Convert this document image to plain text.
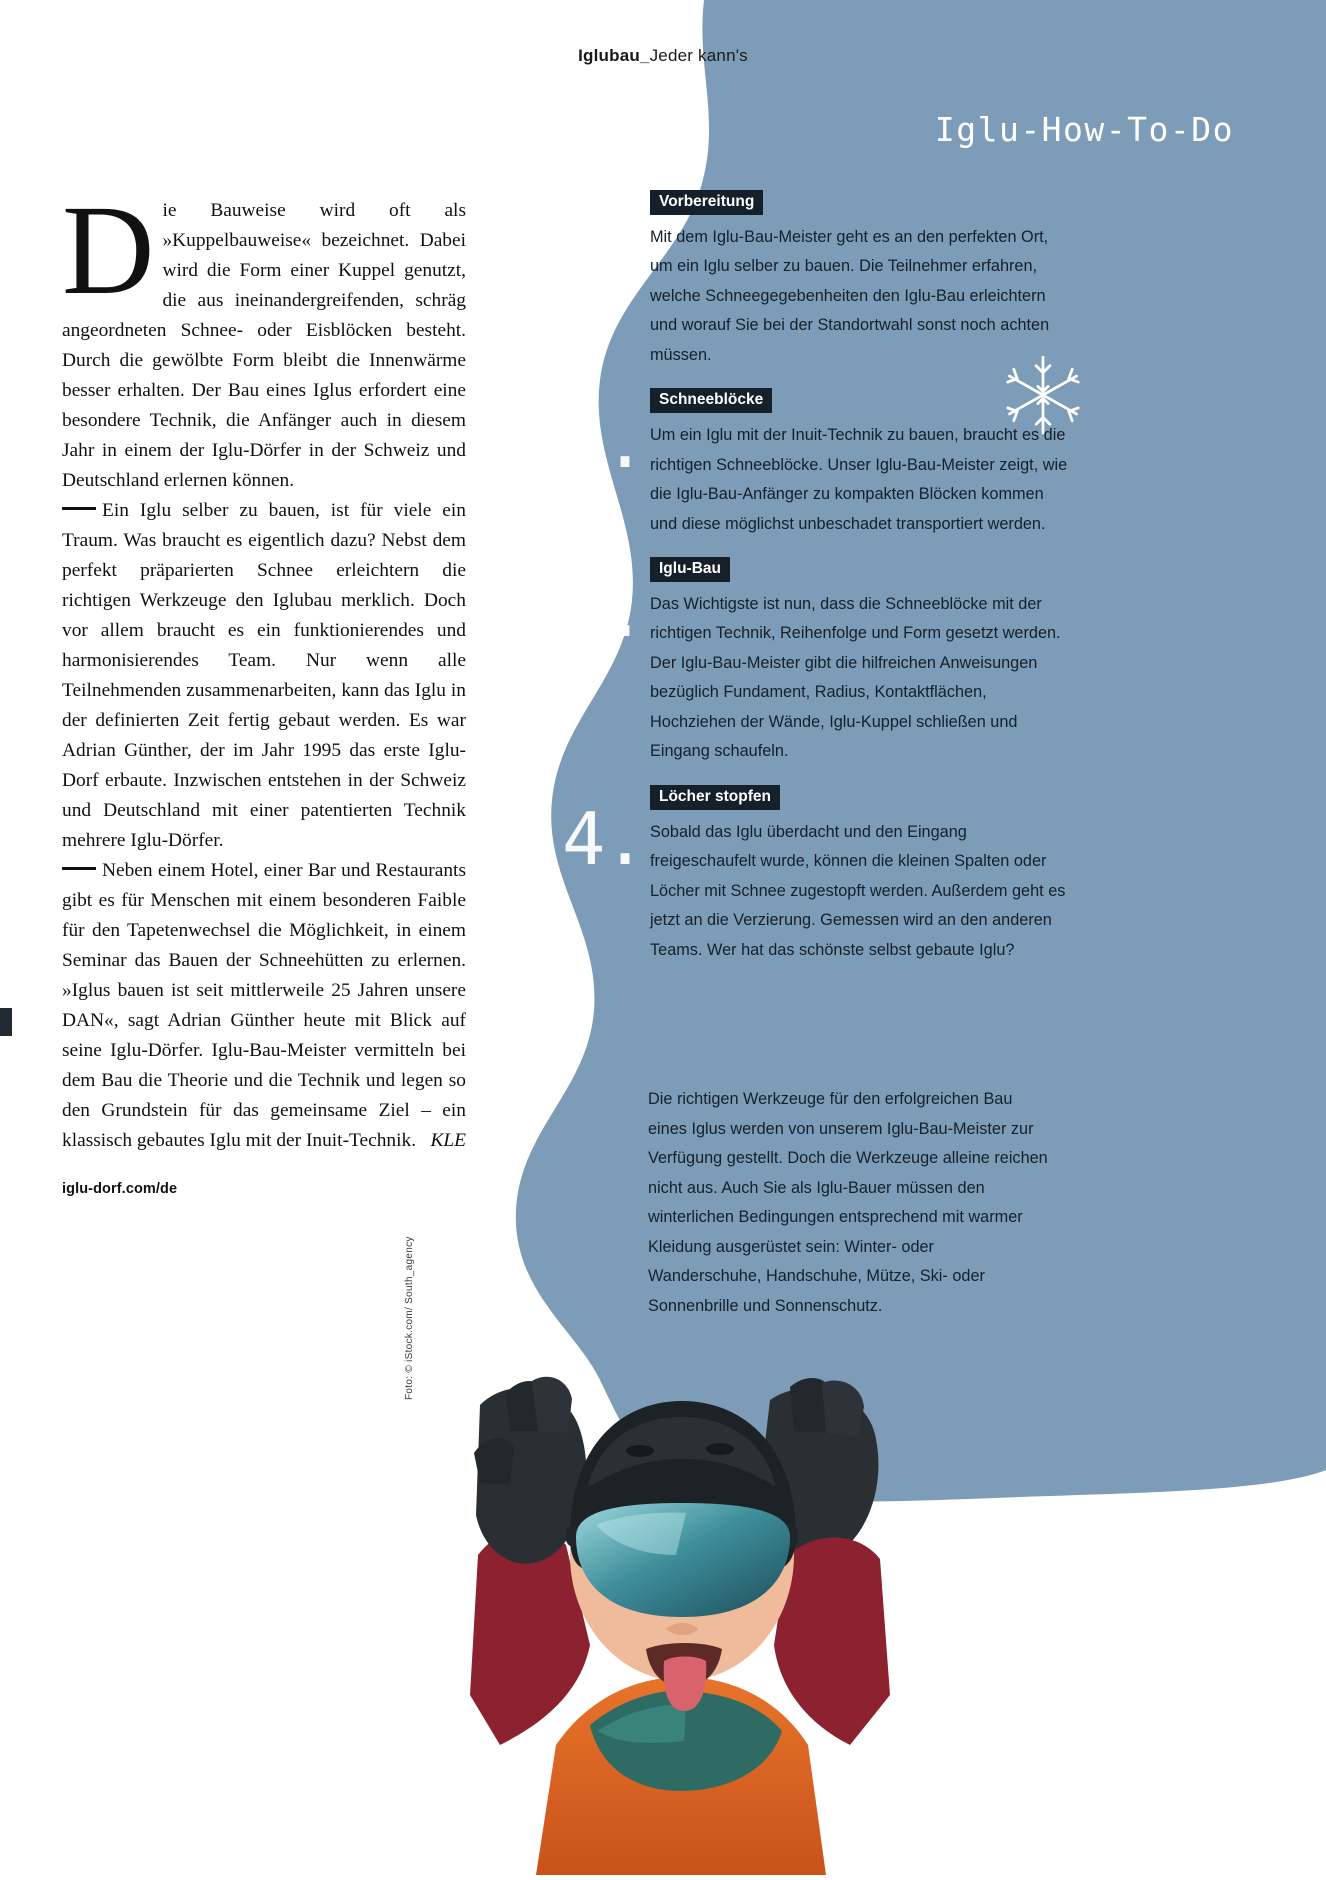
Iglubau_Jeder kann's

Die Bauweise wird oft als »Kuppelbauweise« bezeichnet. Dabei wird die Form einer Kuppel genutzt, die aus ineinandergreifenden, schräg angeordneten Schnee- oder Eisblöcken besteht. Durch die gewölbte Form bleibt die Innenwärme besser erhalten. Der Bau eines Iglus erfordert eine besondere Technik, die Anfänger auch in diesem Jahr in einem der Iglu-Dörfer in der Schweiz und Deutschland erlernen können.

Ein Iglu selber zu bauen, ist für viele ein Traum. Was braucht es eigentlich dazu? Nebst dem perfekt präparierten Schnee erleichtern die richtigen Werkzeuge den Iglubau merklich. Doch vor allem braucht es ein funktionierendes und harmonisierendes Team. Nur wenn alle Teilnehmenden zusammenarbeiten, kann das Iglu in der definierten Zeit fertig gebaut werden. Es war Adrian Günther, der im Jahr 1995 das erste Iglu-Dorf erbaute. Inzwischen entstehen in der Schweiz und Deutschland mit einer patentierten Technik mehrere Iglu-Dörfer.

Neben einem Hotel, einer Bar und Restaurants gibt es für Menschen mit einem besonderen Faible für den Tapetenwechsel die Möglichkeit, in einem Seminar das Bauen der Schneehütten zu erlernen. »Iglus bauen ist seit mittlerweile 25 Jahren unsere DAN«, sagt Adrian Günther heute mit Blick auf seine Iglu-Dörfer. Iglu-Bau-Meister vermitteln bei dem Bau die Theorie und die Technik und legen so den Grundstein für das gemeinsame Ziel – ein klassisch gebautes Iglu mit der Inuit-Technik. KLE

iglu-dorf.com/de
Iglu-How-To-Do
1.
Vorbereitung
Mit dem Iglu-Bau-Meister geht es an den perfekten Ort, um ein Iglu selber zu bauen. Die Teilnehmer erfahren, welche Schneegegebenheiten den Iglu-Bau erleichtern und worauf Sie bei der Standortwahl sonst noch achten müssen.
2.
Schneeblöcke
Um ein Iglu mit der Inuit-Technik zu bauen, braucht es die richtigen Schneeblöcke. Unser Iglu-Bau-Meister zeigt, wie die Iglu-Bau-Anfänger zu kompakten Blöcken kommen und diese möglichst unbeschadet transportiert werden.
3.
Iglu-Bau
Das Wichtigste ist nun, dass die Schneeblöcke mit der richtigen Technik, Reihenfolge und Form gesetzt werden. Der Iglu-Bau-Meister gibt die hilfreichen Anweisungen bezüglich Fundament, Radius, Kontaktflächen, Hochziehen der Wände, Iglu-Kuppel schließen und Eingang schaufeln.
4.
Löcher stopfen
Sobald das Iglu überdacht und den Eingang freigeschaufelt wurde, können die kleinen Spalten oder Löcher mit Schnee zugestopft werden. Außerdem geht es jetzt an die Verzierung. Gemessen wird an den anderen Teams. Wer hat das schönste selbst gebaute Iglu?
Die richtigen Werkzeuge für den erfolgreichen Bau eines Iglus werden von unserem Iglu-Bau-Meister zur Verfügung gestellt. Doch die Werkzeuge alleine reichen nicht aus. Auch Sie als Iglu-Bauer müssen den winterlichen Bedingungen entsprechend mit warmer Kleidung ausgerüstet sein: Winter- oder Wanderschuhe, Handschuhe, Mütze, Ski- oder Sonnenbrille und Sonnenschutz.
Foto: © iStock.com/ South_agency
